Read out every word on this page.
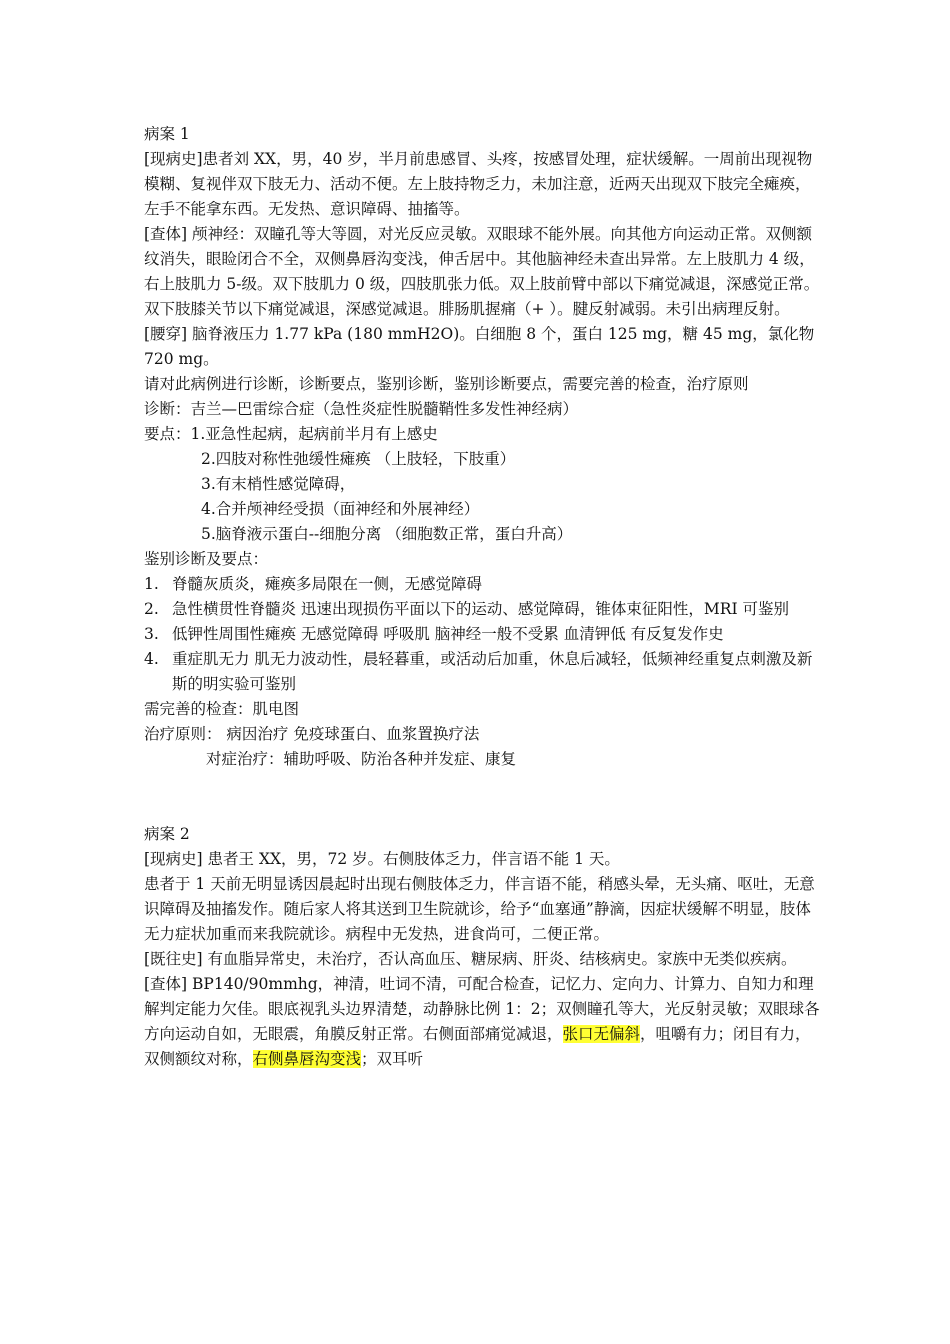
病案 1

[现病史]患者刘 XX，男，40 岁，半月前患感冒、头疼，按感冒处理，症状缓解。一周前出现视物模糊、复视伴双下肢无力、活动不便。左上肢持物乏力，未加注意，近两天出现双下肢完全瘫痪，左手不能拿东西。无发热、意识障碍、抽搐等。

[查体] 颅神经：双瞳孔等大等圆，对光反应灵敏。双眼球不能外展。向其他方向运动正常。双侧额纹消失，眼睑闭合不全，双侧鼻唇沟变浅，伸舌居中。其他脑神经未查出异常。左上肢肌力 4 级，右上肢肌力 5-级。双下肢肌力 0 级，四肢肌张力低。双上肢前臂中部以下痛觉减退，深感觉正常。双下肢膝关节以下痛觉减退，深感觉减退。腓肠肌握痛（+ ）。腱反射减弱。未引出病理反射。

[腰穿] 脑脊液压力 1.77 kPa (180 mmH2O)。白细胞 8 个，蛋白 125 mg，糖 45 mg，氯化物 720 mg。

请对此病例进行诊断，诊断要点，鉴别诊断，鉴别诊断要点，需要完善的检查，治疗原则

诊断：吉兰—巴雷综合症（急性炎症性脱髓鞘性多发性神经病）

要点：1.亚急性起病，起病前半月有上感史

2.四肢对称性弛缓性瘫痪 （上肢轻，下肢重）

3.有末梢性感觉障碍，

4.合并颅神经受损（面神经和外展神经）

5.脑脊液示蛋白--细胞分离 （细胞数正常，蛋白升高）

鉴别诊断及要点：

1. 脊髓灰质炎，瘫痪多局限在一侧，无感觉障碍
2. 急性横贯性脊髓炎 迅速出现损伤平面以下的运动、感觉障碍，锥体束征阳性，MRI 可鉴别
3. 低钾性周围性瘫痪 无感觉障碍 呼吸肌 脑神经一般不受累 血清钾低 有反复发作史
4. 重症肌无力 肌无力波动性，晨轻暮重，或活动后加重，休息后减轻，低频神经重复点刺激及新斯的明实验可鉴别

需完善的检查：肌电图

治疗原则： 病因治疗 免疫球蛋白、血浆置换疗法

对症治疗：辅助呼吸、防治各种并发症、康复

病案 2

[现病史] 患者王 XX，男，72 岁。右侧肢体乏力，伴言语不能 1 天。

患者于 1 天前无明显诱因晨起时出现右侧肢体乏力，伴言语不能，稍感头晕，无头痛、呕吐，无意识障碍及抽搐发作。随后家人将其送到卫生院就诊，给予“血塞通”静滴，因症状缓解不明显，肢体无力症状加重而来我院就诊。病程中无发热，进食尚可，二便正常。

[既往史] 有血脂异常史，未治疗，否认高血压、糖尿病、肝炎、结核病史。家族中无类似疾病。

[查体] BP140/90mmhg，神清，吐词不清，可配合检查，记忆力、定向力、计算力、自知力和理解判定能力欠佳。眼底视乳头边界清楚，动静脉比例 1：2；双侧瞳孔等大，光反射灵敏；双眼球各方向运动自如，无眼震，角膜反射正常。右侧面部痛觉减退，张口无偏斜，咀嚼有力；闭目有力，双侧额纹对称，右侧鼻唇沟变浅；双耳听
